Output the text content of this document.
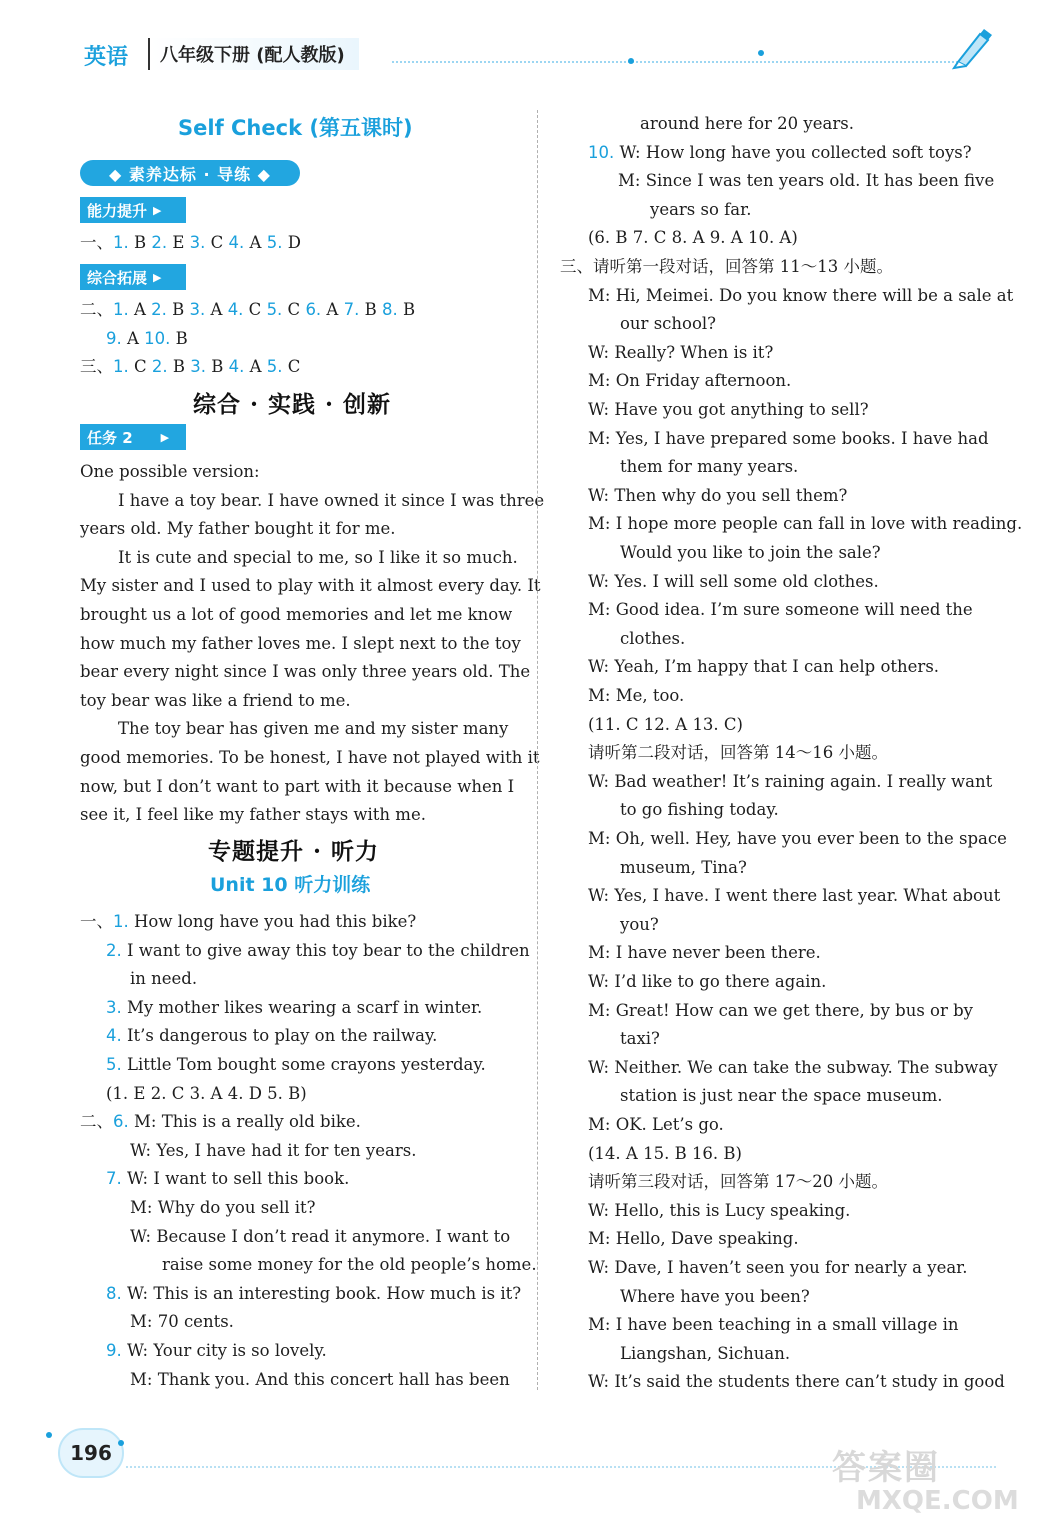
英语	八年级下册 (配人教版)
Self Check (第五课时)
◆ 素养达标 · 导练 ◆
能力提升 ▶
一、1. B 2. E 3. C 4. A 5. D
综合拓展 ▶
二、1. A 2. B 3. A 4. C 5. C 6. A 7. B 8. B
9. A 10. B
三、1. C 2. B 3. B 4. A 5. C
综合 · 实践 · 创新
任务 2	▶
One possible version:
I have a toy bear. I have owned it since I was three
years old. My father bought it for me.
It is cute and special to me, so I like it so much.
My sister and I used to play with it almost every day. It
brought us a lot of good memories and let me know
how much my father loves me. I slept next to the toy
bear every night since I was only three years old. The
toy bear was like a friend to me.
The toy bear has given me and my sister many
good memories. To be honest, I have not played with it
now, but I don’t want to part with it because when I
see it, I feel like my father stays with me.
专题提升 · 听力
Unit 10 听力训练
一、1. How long have you had this bike?
2. I want to give away this toy bear to the children
in need.
3. My mother likes wearing a scarf in winter.
4. It’s dangerous to play on the railway.
5. Little Tom bought some crayons yesterday.
(1. E 2. C 3. A 4. D 5. B)
二、6. M: This is a really old bike.
W: Yes, I have had it for ten years.
7. W: I want to sell this book.
M: Why do you sell it?
W: Because I don’t read it anymore. I want to
raise some money for the old people’s home.
8. W: This is an interesting book. How much is it?
M: 70 cents.
9. W: Your city is so lovely.
M: Thank you. And this concert hall has been
around here for 20 years.
10. W: How long have you collected soft toys?
M: Since I was ten years old. It has been five
years so far.
(6. B 7. C 8. A 9. A 10. A)
三、请听第一段对话，回答第 11～13 小题。
M: Hi, Meimei. Do you know there will be a sale at
our school?
W: Really? When is it?
M: On Friday afternoon.
W: Have you got anything to sell?
M: Yes, I have prepared some books. I have had
them for many years.
W: Then why do you sell them?
M: I hope more people can fall in love with reading.
Would you like to join the sale?
W: Yes. I will sell some old clothes.
M: Good idea. I’m sure someone will need the
clothes.
W: Yeah, I’m happy that I can help others.
M: Me, too.
(11. C 12. A 13. C)
请听第二段对话，回答第 14～16 小题。
W: Bad weather! It’s raining again. I really want
to go fishing today.
M: Oh, well. Hey, have you ever been to the space
museum, Tina?
W: Yes, I have. I went there last year. What about
you?
M: I have never been there.
W: I’d like to go there again.
M: Great! How can we get there, by bus or by
taxi?
W: Neither. We can take the subway. The subway
station is just near the space museum.
M: OK. Let’s go.
(14. A 15. B 16. B)
请听第三段对话，回答第 17～20 小题。
W: Hello, this is Lucy speaking.
M: Hello, Dave speaking.
W: Dave, I haven’t seen you for nearly a year.
Where have you been?
M: I have been teaching in a small village in
Liangshan, Sichuan.
W: It’s said the students there can’t study in good
196	答案圈
MXQE.COM
